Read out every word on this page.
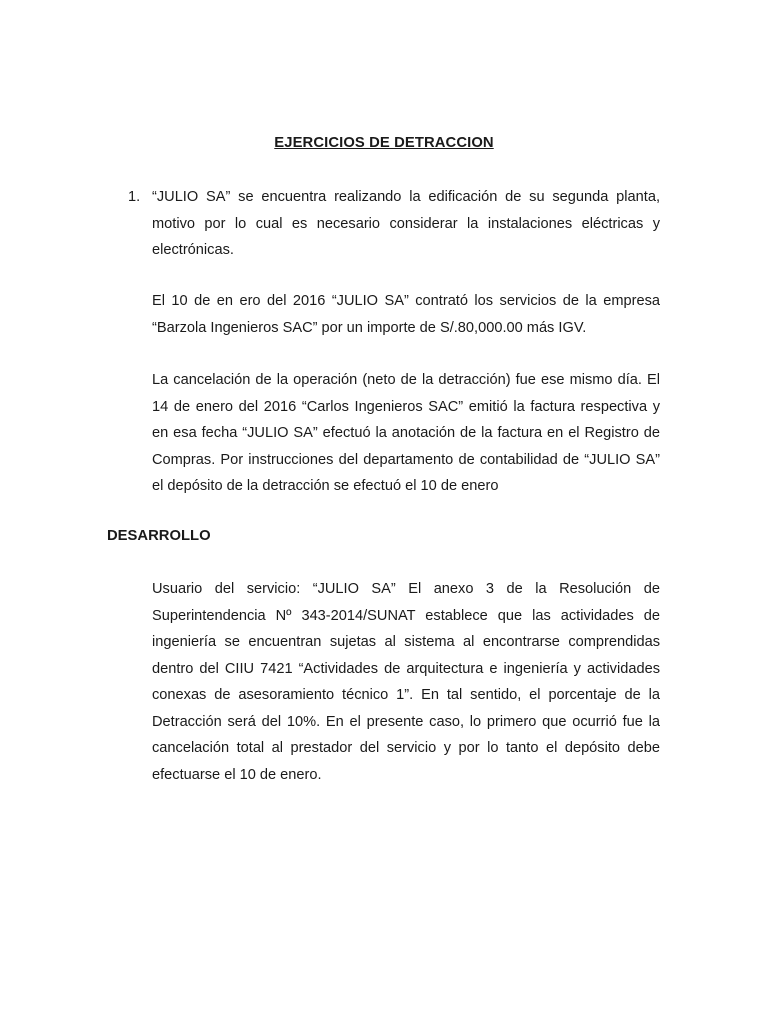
EJERCICIOS DE DETRACCION
1. “JULIO SA” se encuentra realizando la edificación de su segunda planta, motivo por lo cual es necesario considerar la instalaciones eléctricas y electrónicas.
El 10 de en ero del 2016 “JULIO SA” contrató los servicios de la empresa “Barzola Ingenieros SAC” por un importe de S/.80,000.00 más IGV.
La cancelación de la operación (neto de la detracción) fue ese mismo día. El 14 de enero del 2016 “Carlos Ingenieros SAC” emitió la factura respectiva y en esa fecha “JULIO SA” efectuó la anotación de la factura en el Registro de Compras. Por instrucciones del departamento de contabilidad de “JULIO SA” el depósito de la detracción se efectuó el 10 de enero
DESARROLLO
Usuario del servicio: “JULIO SA” El anexo 3 de la Resolución de Superintendencia Nº 343-2014/SUNAT establece que las actividades de ingeniería se encuentran sujetas al sistema al encontrarse comprendidas dentro del CIIU 7421 “Actividades de arquitectura e ingeniería y actividades conexas de asesoramiento técnico 1”. En tal sentido, el porcentaje de la Detracción será del 10%. En el presente caso, lo primero que ocurrió fue la cancelación total al prestador del servicio y por lo tanto el depósito debe efectuarse el 10 de enero.
